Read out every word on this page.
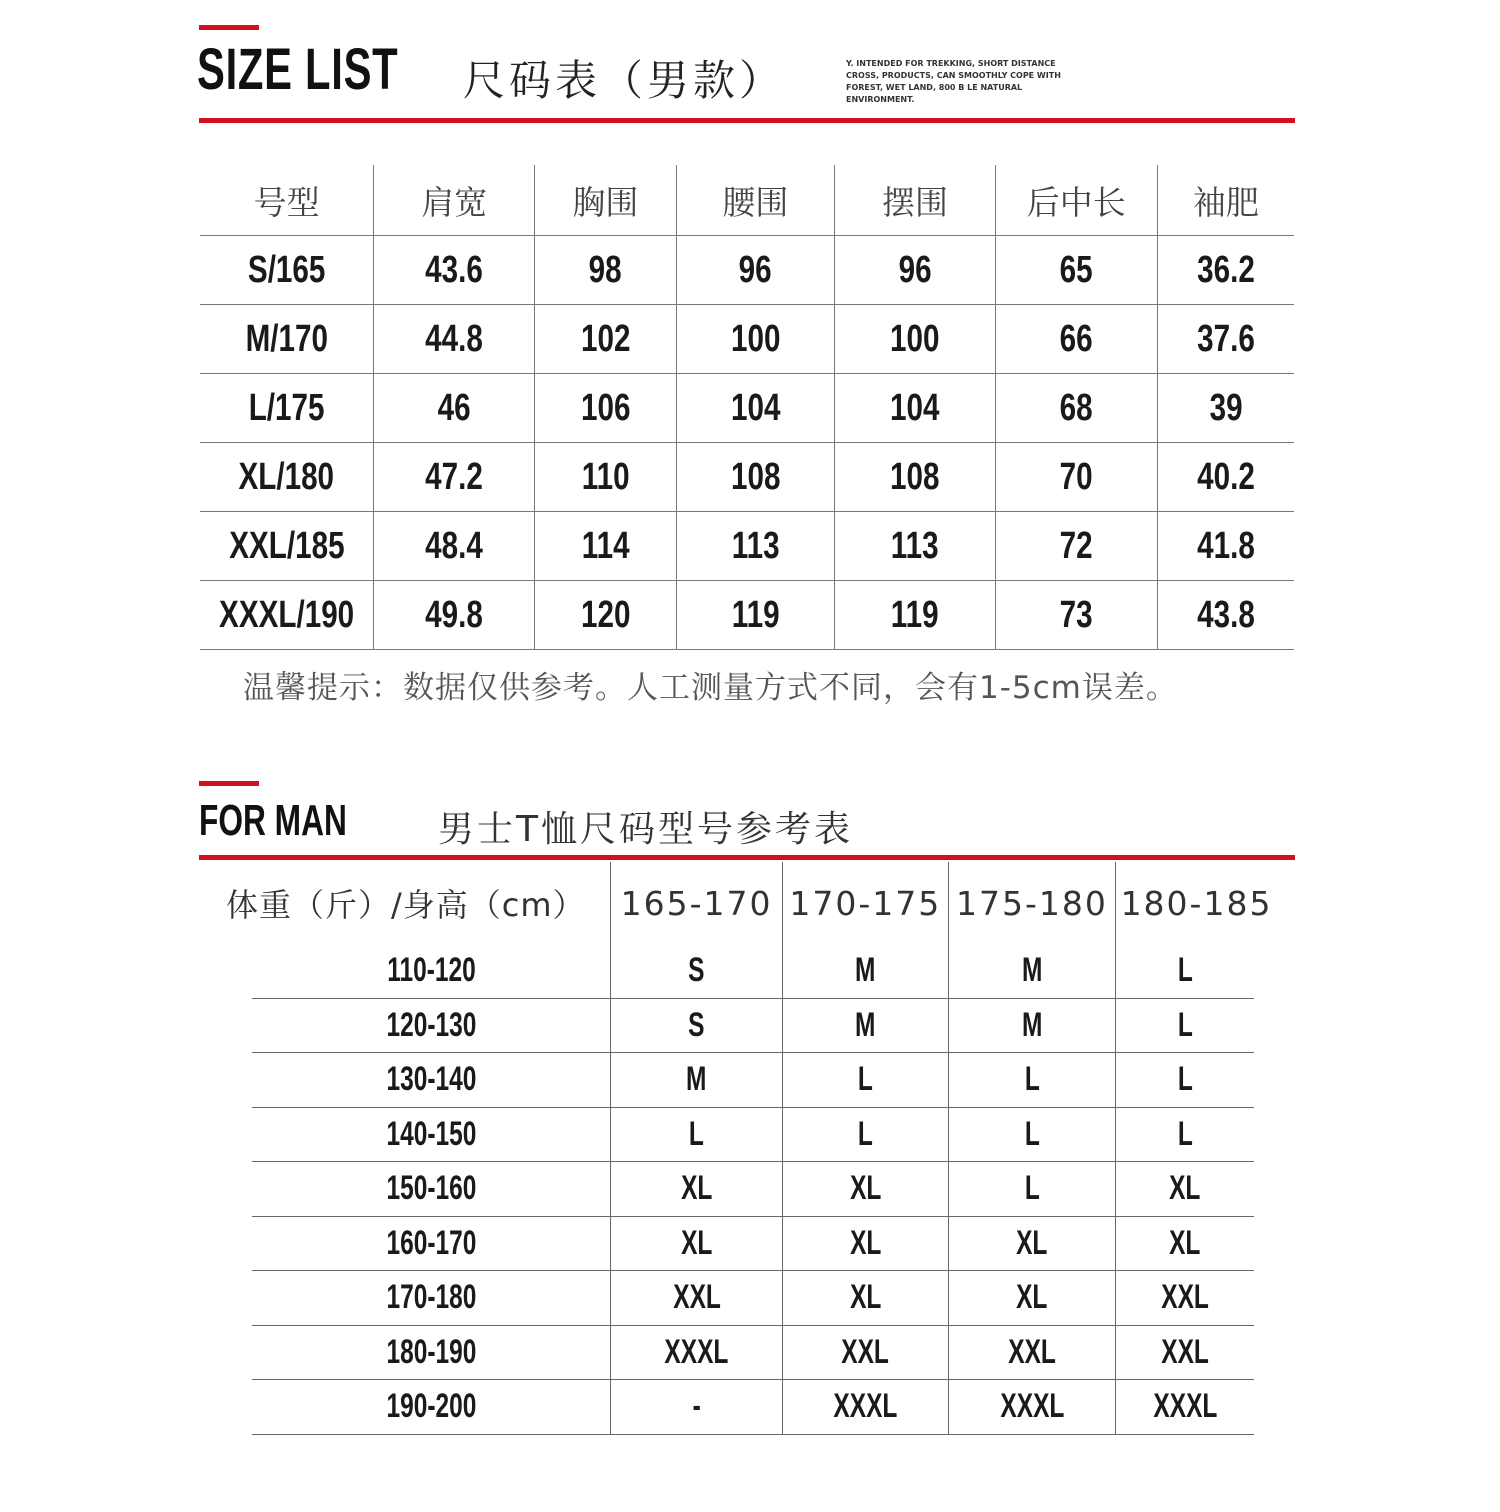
SIZE LIST	尺码表（男款）	Y. INTENDED FOR TREKKING, SHORT DISTANCE CROSS, PRODUCTS, CAN SMOOTHLY COPE WITH FOREST, WET LAND, 800 B LE NATURAL ENVIRONMENT.
号型	肩宽	胸围	腰围	摆围	后中长	袖肥
S/165	43.6	98	96	96	65	36.2
M/170	44.8	102	100	100	66	37.6
L/175	46	106	104	104	68	39
XL/180	47.2	110	108	108	70	40.2
XXL/185	48.4	114	113	113	72	41.8
XXXL/190	49.8	120	119	119	73	43.8
温馨提示：数据仅供参考。人工测量方式不同，会有1-5cm误差。
FOR MAN	男士T恤尺码型号参考表
体重（斤）/身高（cm）	165-170	170-175	175-180	180-185
110-120	S	M	M	L
120-130	S	M	M	L
130-140	M	L	L	L
140-150	L	L	L	L
150-160	XL	XL	L	XL
160-170	XL	XL	XL	XL
170-180	XXL	XL	XL	XXL
180-190	XXXL	XXL	XXL	XXL
190-200	-	XXXL	XXXL	XXXL
